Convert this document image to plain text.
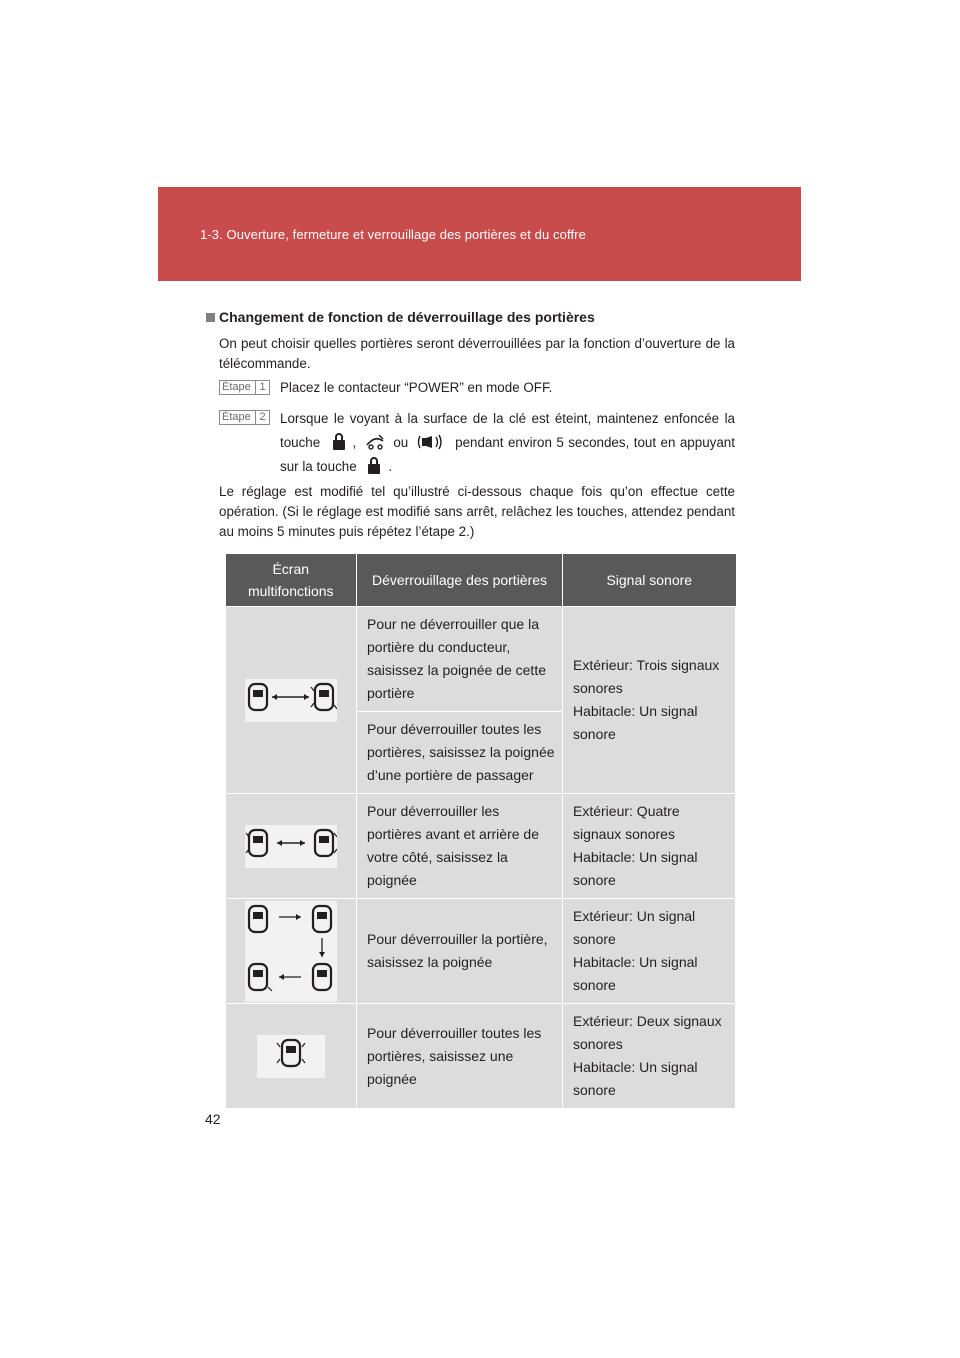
1-3. Ouverture, fermeture et verrouillage des portières et du coffre
Changement de fonction de déverrouillage des portières
On peut choisir quelles portières seront déverrouillées par la fonction d’ouverture de la télécommande.
Étape 1 Placez le contacteur “POWER” en mode OFF.
Étape 2 Lorsque le voyant à la surface de la clé est éteint, maintenez enfoncée la touche ,	ou	pendant environ 5 secondes, tout en appuyant sur la touche .
Le réglage est modifié tel qu’illustré ci-dessous chaque fois qu’on effectue cette opération. (Si le réglage est modifié sans arrêt, relâchez les touches, attendez pendant au moins 5 minutes puis répétez l’étape 2.)
Écran multifonctions	Déverrouillage des portières	Signal sonore
	Pour ne déverrouiller que la portière du conducteur, saisissez la poignée de cette portière	Extérieur: Trois signaux sonores
Habitacle: Un signal sonore

	Pour déverrouiller toutes les portières, saisissez la poignée d’une portière de passager	
	Pour déverrouiller les portières avant et arrière de votre côté, saisissez la poignée	Extérieur: Quatre signaux sonores
Habitacle: Un signal sonore

	Pour déverrouiller la portière, saisissez la poignée	Extérieur: Un signal sonore
Habitacle: Un signal sonore

	Pour déverrouiller toutes les portières, saisissez une poignée	Extérieur: Deux signaux sonores
Habitacle: Un signal sonore
42
